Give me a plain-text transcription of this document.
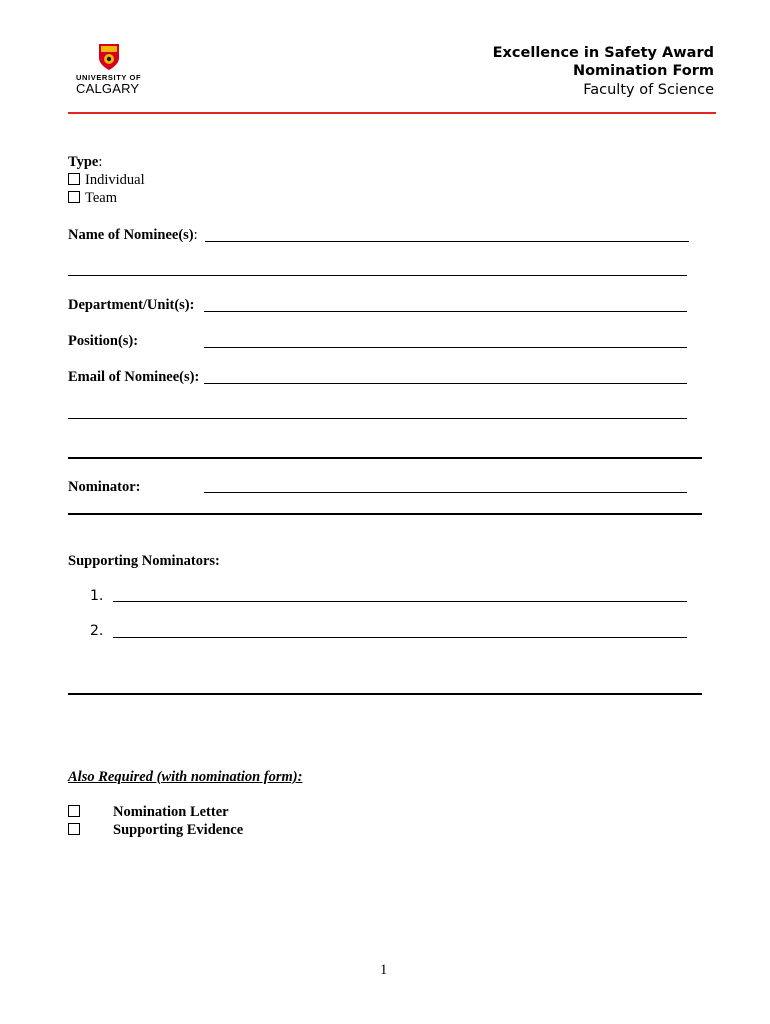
UNIVERSITY OF
CALGARY
Excellence in Safety Award
Nomination Form
Faculty of Science
Type:
Individual
Team
Name of Nominee(s):
Department/Unit(s):
Position(s):
Email of Nominee(s):
Nominator:
Supporting Nominators:
1.
2.
Also Required (with nomination form):
Nomination Letter
Supporting Evidence
1
